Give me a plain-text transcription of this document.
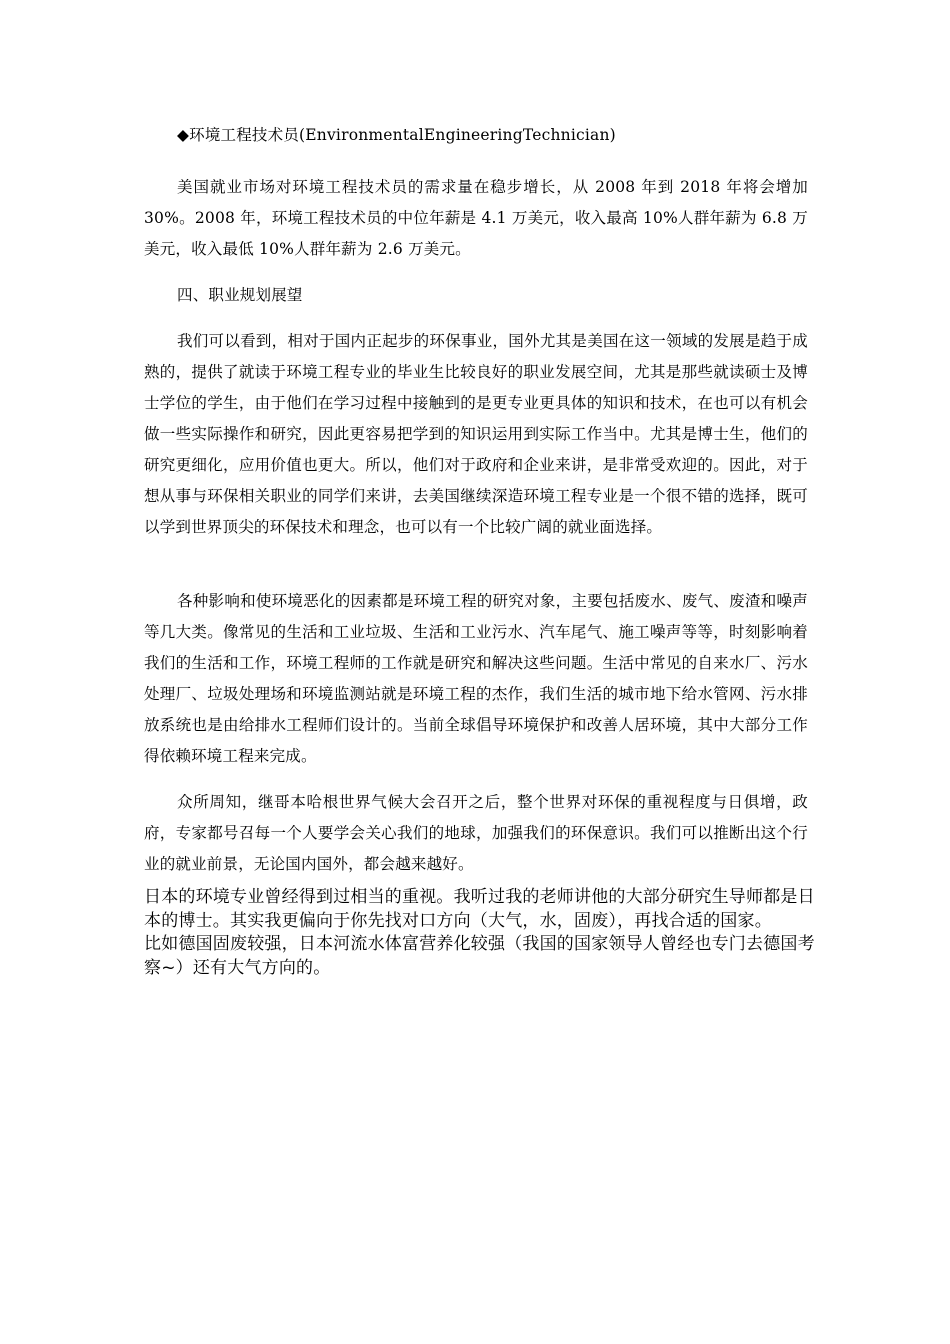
◆环境工程技术员(EnvironmentalEngineeringTechnician)

美国就业市场对环境工程技术员的需求量在稳步增长，从 2008 年到 2018 年将会增加 30%。2008 年，环境工程技术员的中位年薪是 4.1 万美元，收入最高 10%人群年薪为 6.8 万美元，收入最低 10%人群年薪为 2.6 万美元。

四、职业规划展望

我们可以看到，相对于国内正起步的环保事业，国外尤其是美国在这一领域的发展是趋于成熟的，提供了就读于环境工程专业的毕业生比较良好的职业发展空间，尤其是那些就读硕士及博士学位的学生，由于他们在学习过程中接触到的是更专业更具体的知识和技术，在也可以有机会做一些实际操作和研究，因此更容易把学到的知识运用到实际工作当中。尤其是博士生，他们的研究更细化，应用价值也更大。所以，他们对于政府和企业来讲，是非常受欢迎的。因此，对于想从事与环保相关职业的同学们来讲，去美国继续深造环境工程专业是一个很不错的选择，既可以学到世界顶尖的环保技术和理念，也可以有一个比较广阔的就业面选择。

各种影响和使环境恶化的因素都是环境工程的研究对象，主要包括废水、废气、废渣和噪声等几大类。像常见的生活和工业垃圾、生活和工业污水、汽车尾气、施工噪声等等，时刻影响着我们的生活和工作，环境工程师的工作就是研究和解决这些问题。生活中常见的自来水厂、污水处理厂、垃圾处理场和环境监测站就是环境工程的杰作，我们生活的城市地下给水管网、污水排放系统也是由给排水工程师们设计的。当前全球倡导环境保护和改善人居环境，其中大部分工作得依赖环境工程来完成。

众所周知，继哥本哈根世界气候大会召开之后，整个世界对环保的重视程度与日俱增，政府，专家都号召每一个人要学会关心我们的地球，加强我们的环保意识。我们可以推断出这个行业的就业前景，无论国内国外，都会越来越好。

日本的环境专业曾经得到过相当的重视。我听过我的老师讲他的大部分研究生导师都是日本的博士。其实我更偏向于你先找对口方向（大气，水，固废），再找合适的国家。

比如德国固废较强，日本河流水体富营养化较强（我国的国家领导人曾经也专门去德国考察~）还有大气方向的。
